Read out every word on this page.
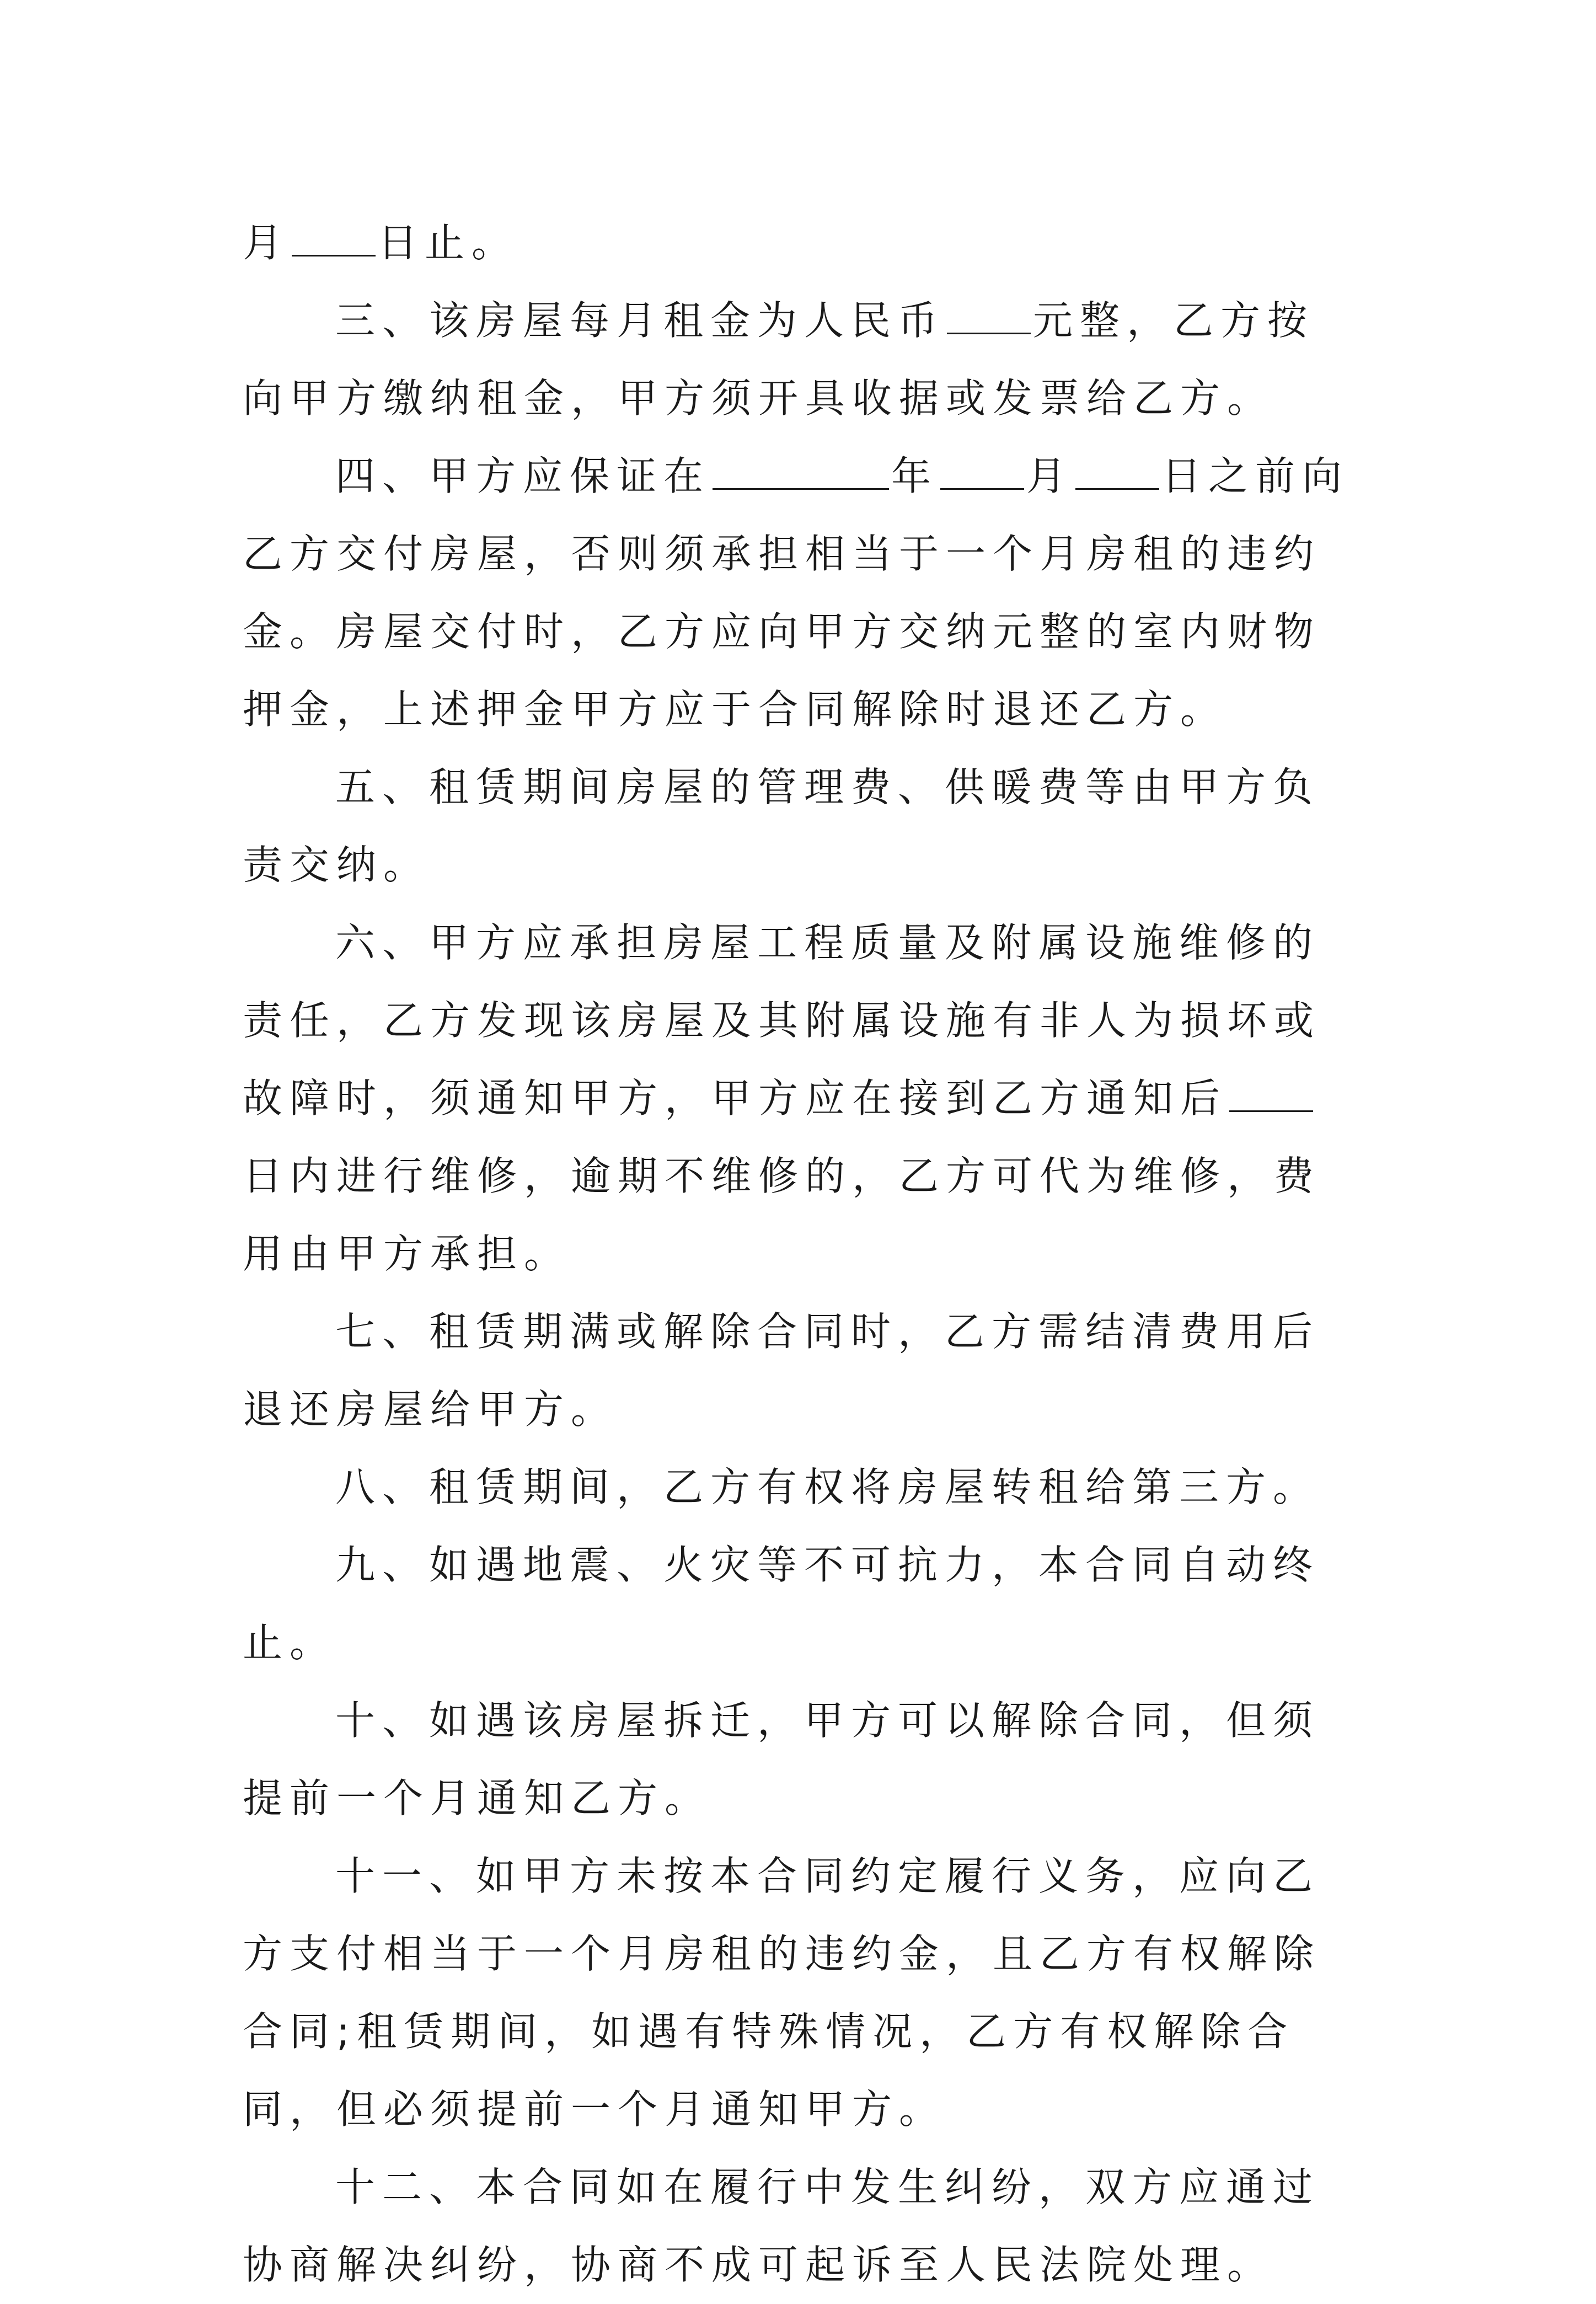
月 日止。

三、该房屋每月租金为人民币 元整，乙方按向甲方缴纳租金，甲方须开具收据或发票给乙方。

四、甲方应保证在	年 月 日之前向乙方交付房屋，否则须承担相当于一个月房租的违约金。房屋交付时，乙方应向甲方交纳元整的室内财物押金，上述押金甲方应于合同解除时退还乙方。

五、租赁期间房屋的管理费、供暖费等由甲方负责交纳。

六、甲方应承担房屋工程质量及附属设施维修的责任，乙方发现该房屋及其附属设施有非人为损坏或故障时，须通知甲方，甲方应在接到乙方通知后日内进行维修，逾期不维修的，乙方可代为维修，费用由甲方承担。

七、租赁期满或解除合同时，乙方需结清费用后退还房屋给甲方。

八、租赁期间，乙方有权将房屋转租给第三方。

九、如遇地震、火灾等不可抗力，本合同自动终止。

十、如遇该房屋拆迁，甲方可以解除合同，但须提前一个月通知乙方。

十一、如甲方未按本合同约定履行义务，应向乙方支付相当于一个月房租的违约金，且乙方有权解除合同;租赁期间，如遇有特殊情况，乙方有权解除合同，但必须提前一个月通知甲方。

十二、本合同如在履行中发生纠纷，双方应通过协商解决纠纷，协商不成可起诉至人民法院处理。
